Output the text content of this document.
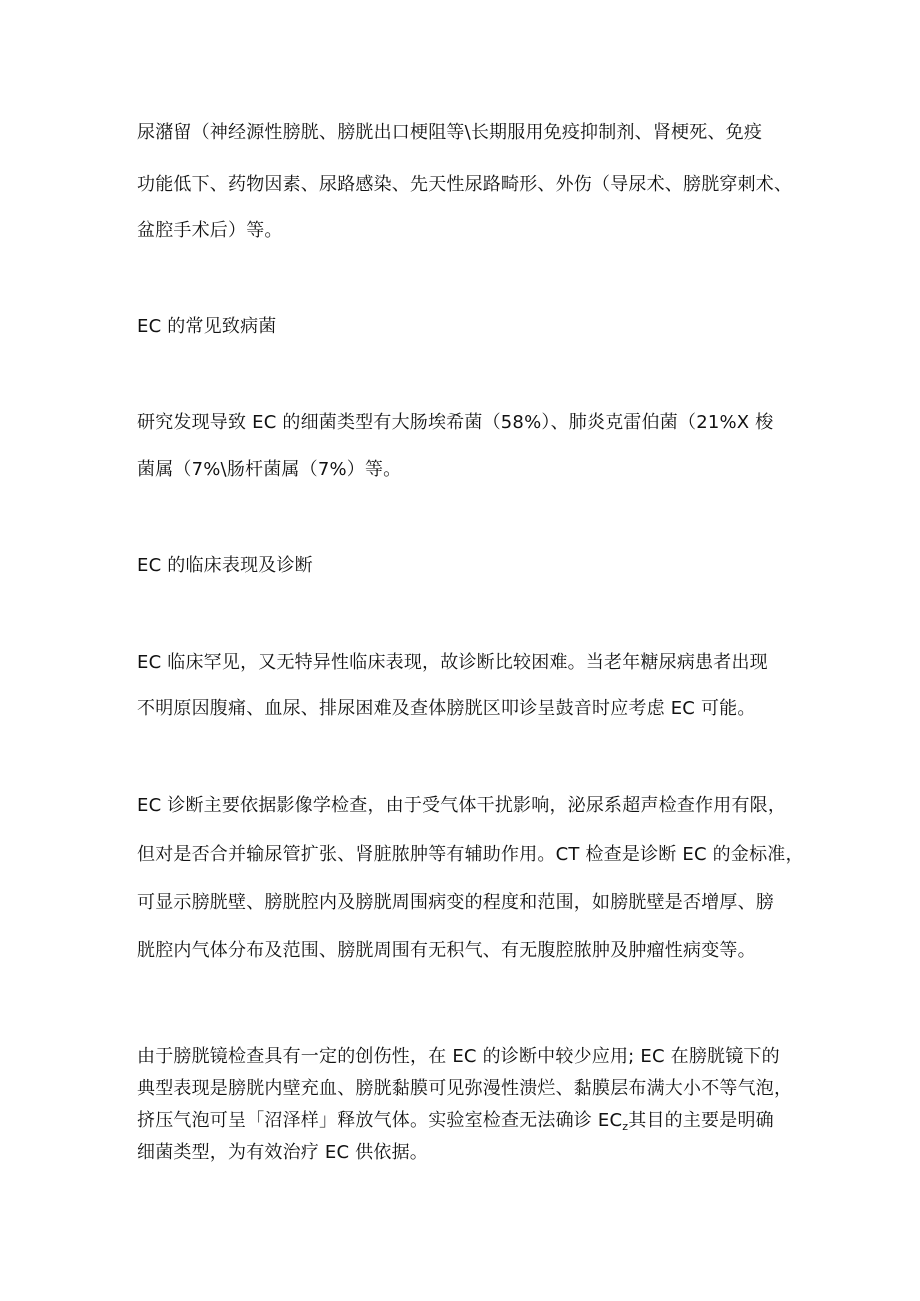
尿潴留（神经源性膀胱、膀胱出口梗阻等\长期服用免疫抑制剂、肾梗死、免疫
功能低下、药物因素、尿路感染、先天性尿路畸形、外伤（导尿术、膀胱穿刺术、
盆腔手术后）等。
EC 的常见致病菌
研究发现导致 EC 的细菌类型有大肠埃希菌（58%）、肺炎克雷伯菌（21%X 梭
菌属（7%\肠杆菌属（7%）等。
EC 的临床表现及诊断
EC 临床罕见，又无特异性临床表现，故诊断比较困难。当老年糖尿病患者出现
不明原因腹痛、血尿、排尿困难及查体膀胱区叩诊呈鼓音时应考虑 EC 可能。
EC 诊断主要依据影像学检查，由于受气体干扰影响，泌尿系超声检查作用有限，
但对是否合并输尿管扩张、肾脏脓肿等有辅助作用。CT 检查是诊断 EC 的金标准，
可显示膀胱壁、膀胱腔内及膀胱周围病变的程度和范围，如膀胱壁是否增厚、膀
胱腔内气体分布及范围、膀胱周围有无积气、有无腹腔脓肿及肿瘤性病变等。
由于膀胱镜检查具有一定的创伤性，在 EC 的诊断中较少应用; EC 在膀胱镜下的
典型表现是膀胱内壁充血、膀胱黏膜可见弥漫性溃烂、黏膜层布满大小不等气泡，
挤压气泡可呈「沼泽样」释放气体。实验室检查无法确诊 $EC_z$其目的主要是明确
细菌类型，为有效治疗 EC 供依据。
